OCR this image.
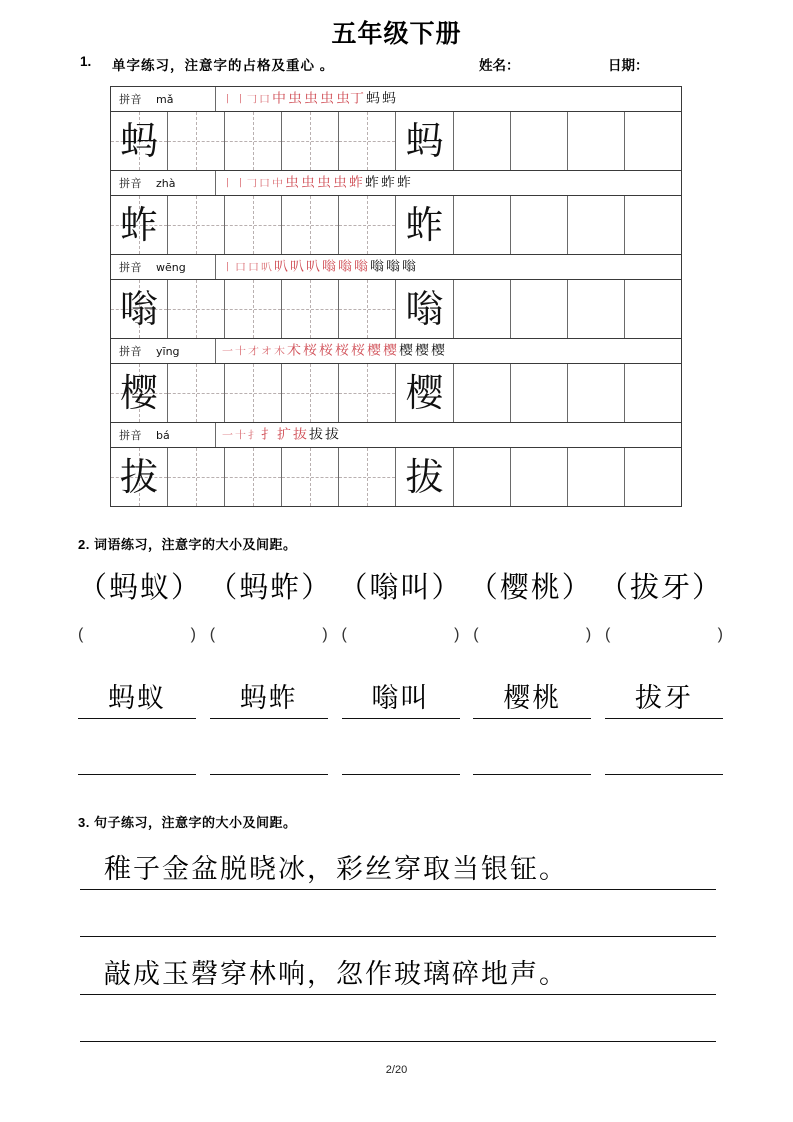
五年级下册
1. 单字练习，注意字的占格及重心 。	姓名：	日期：
拼音 mǎ	丨 丨𠃌 口 中 虫 虫 虫 虫丁 蚂 蚂
蚂	蚂
拼音 zhà	丨 丨𠃌 口 中 虫 虫 虫 虫 蚱 蚱 蚱 蚱
蚱	蚱
拼音 wēng	丨 口 口 叭 叭 叭 叭 嗡 嗡 嗡 嗡 嗡 嗡
嗡	嗡
拼音 yīng	一 十 才 オ 木 术 桜 桜 桜 桜 樱 樱 樱 樱 樱
樱	樱
拼音 bá	一 十 扌 扌 扩 抜 拔 拔
拔	拔
2. 词语练习，注意字的大小及间距。
（蚂蚁） （蚂蚱） （嗡叫） （樱桃） （拔牙）
(	) (	) (	) (	) (	)
蚂蚁	蚂蚱	嗡叫	樱桃	拔牙
3. 句子练习，注意字的大小及间距。
稚子金盆脱晓冰，彩丝穿取当银钲。
敲成玉磬穿林响，忽作玻璃碎地声。
2/20
